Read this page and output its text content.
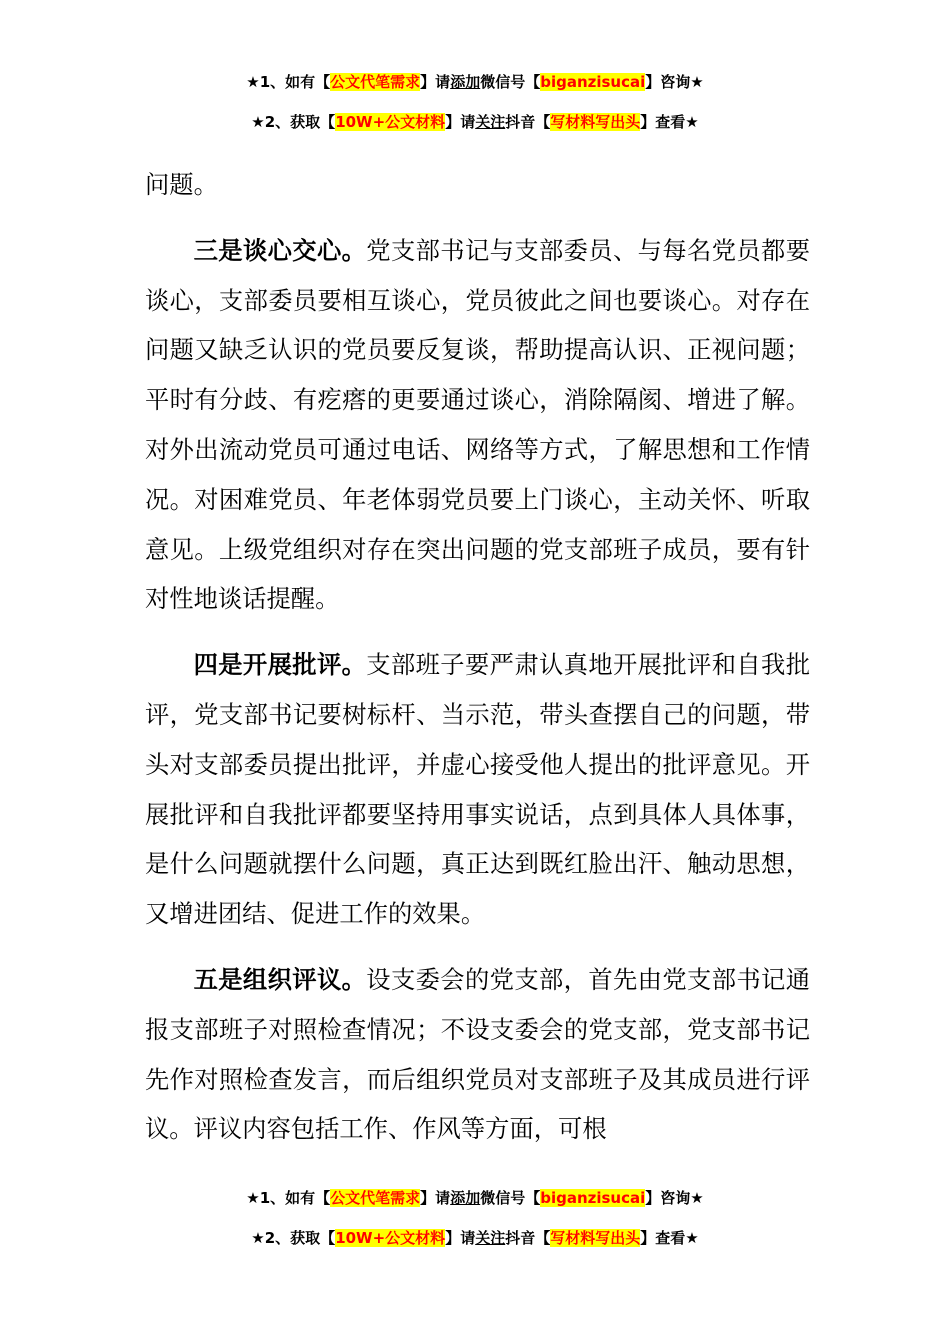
★1、如有【公文代笔需求】请添加微信号【biganzisucai】咨询★
★2、获取【10W+公文材料】请关注抖音【写材料写出头】查看★

问题。

三是谈心交心。党支部书记与支部委员、与每名党员都要谈心，支部委员要相互谈心，党员彼此之间也要谈心。对存在问题又缺乏认识的党员要反复谈，帮助提高认识、正视问题；平时有分歧、有疙瘩的更要通过谈心，消除隔阂、增进了解。对外出流动党员可通过电话、网络等方式，了解思想和工作情况。对困难党员、年老体弱党员要上门谈心，主动关怀、听取意见。上级党组织对存在突出问题的党支部班子成员，要有针对性地谈话提醒。

四是开展批评。支部班子要严肃认真地开展批评和自我批评，党支部书记要树标杆、当示范，带头查摆自己的问题，带头对支部委员提出批评，并虚心接受他人提出的批评意见。开展批评和自我批评都要坚持用事实说话，点到具体人具体事，是什么问题就摆什么问题，真正达到既红脸出汗、触动思想，又增进团结、促进工作的效果。

五是组织评议。设支委会的党支部，首先由党支部书记通报支部班子对照检查情况；不设支委会的党支部，党支部书记先作对照检查发言，而后组织党员对支部班子及其成员进行评议。评议内容包括工作、作风等方面，可根

★1、如有【公文代笔需求】请添加微信号【biganzisucai】咨询★
★2、获取【10W+公文材料】请关注抖音【写材料写出头】查看★
